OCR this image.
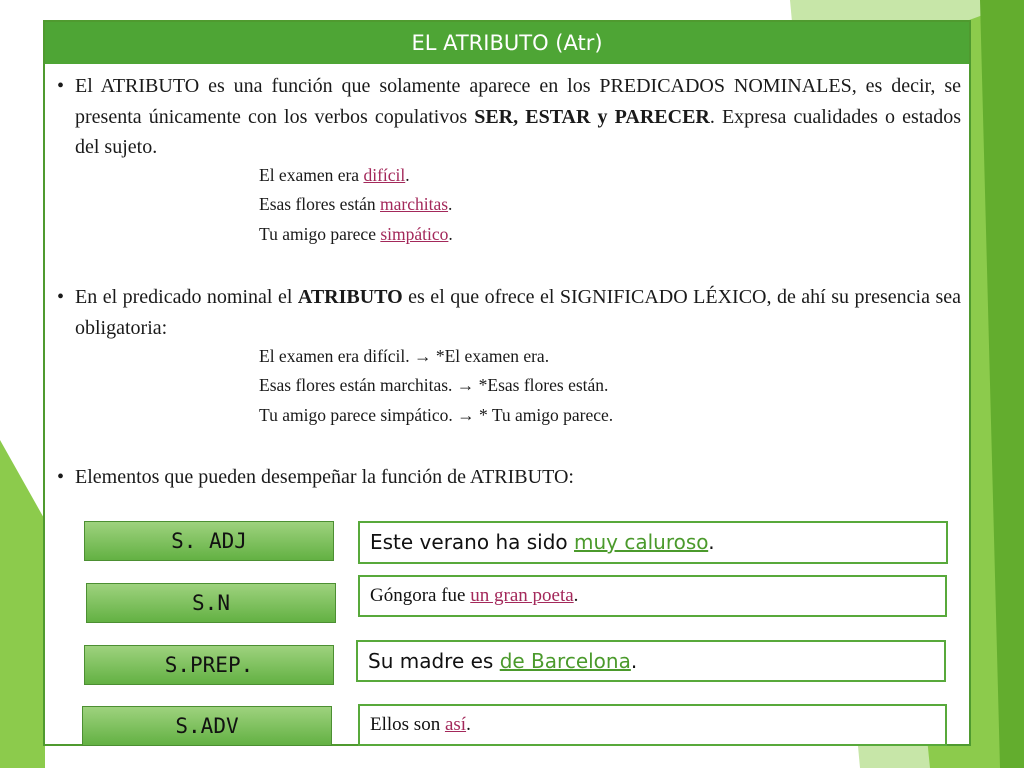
EL ATRIBUTO (Atr)
• El ATRIBUTO es una función que solamente aparece en los PREDICADOS NOMINALES, es decir, se presenta únicamente con los verbos copulativos SER, ESTAR y PARECER. Expresa cualidades o estados del sujeto.
El examen era difícil.
Esas flores están marchitas.
Tu amigo parece simpático.
• En el predicado nominal el ATRIBUTO es el que ofrece el SIGNIFICADO LÉXICO, de ahí su presencia sea obligatoria:
El examen era difícil. → *El examen era.
Esas flores están marchitas. → *Esas flores están.
Tu amigo parece simpático. → * Tu amigo parece.
• Elementos que pueden desempeñar la función de ATRIBUTO:
S. ADJ
S.N
S.PREP.
S.ADV
Este verano ha sido muy caluroso.
Góngora fue un gran poeta.
Su madre es de Barcelona.
Ellos son así.
